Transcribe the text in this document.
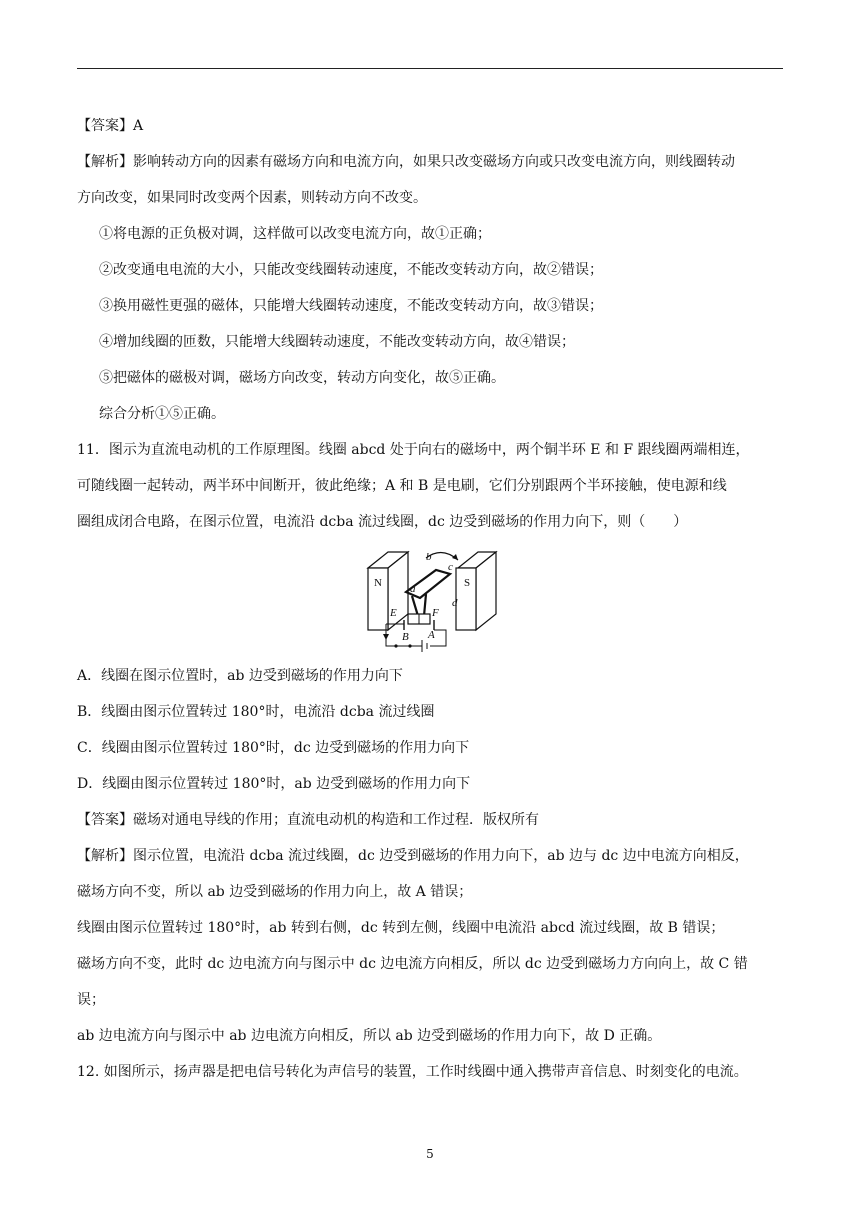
【答案】A
【解析】影响转动方向的因素有磁场方向和电流方向，如果只改变磁场方向或只改变电流方向，则线圈转动
方向改变，如果同时改变两个因素，则转动方向不改变。
①将电源的正负极对调，这样做可以改变电流方向，故①正确；
②改变通电电流的大小，只能改变线圈转动速度，不能改变转动方向，故②错误；
③换用磁性更强的磁体，只能增大线圈转动速度，不能改变转动方向，故③错误；
④增加线圈的匝数，只能增大线圈转动速度，不能改变转动方向，故④错误；
⑤把磁体的磁极对调，磁场方向改变，转动方向变化，故⑤正确。
综合分析①⑤正确。
11．图示为直流电动机的工作原理图。线圈 abcd 处于向右的磁场中，两个铜半环 E 和 F 跟线圈两端相连，
可随线圈一起转动，两半环中间断开，彼此绝缘；A 和 B 是电刷，它们分别跟两个半环接触，使电源和线
圈组成闭合电路，在图示位置，电流沿 dcba 流过线圈，dc 边受到磁场的作用力向下，则（　　）
N	S
b
a
c
d
E	F
B A
A．线圈在图示位置时，ab 边受到磁场的作用力向下
B．线圈由图示位置转过 180°时，电流沿 dcba 流过线圈
C．线圈由图示位置转过 180°时，dc 边受到磁场的作用力向下
D．线圈由图示位置转过 180°时，ab 边受到磁场的作用力向下
【答案】磁场对通电导线的作用；直流电动机的构造和工作过程．版权所有
【解析】图示位置，电流沿 dcba 流过线圈，dc 边受到磁场的作用力向下，ab 边与 dc 边中电流方向相反，
磁场方向不变，所以 ab 边受到磁场的作用力向上，故 A 错误；
线圈由图示位置转过 180°时，ab 转到右侧，dc 转到左侧，线圈中电流沿 abcd 流过线圈，故 B 错误；
磁场方向不变，此时 dc 边电流方向与图示中 dc 边电流方向相反，所以 dc 边受到磁场力方向向上，故 C 错
误；
ab 边电流方向与图示中 ab 边电流方向相反，所以 ab 边受到磁场的作用力向下，故 D 正确。
12. 如图所示，扬声器是把电信号转化为声信号的装置，工作时线圈中通入携带声音信息、时刻变化的电流。
5
